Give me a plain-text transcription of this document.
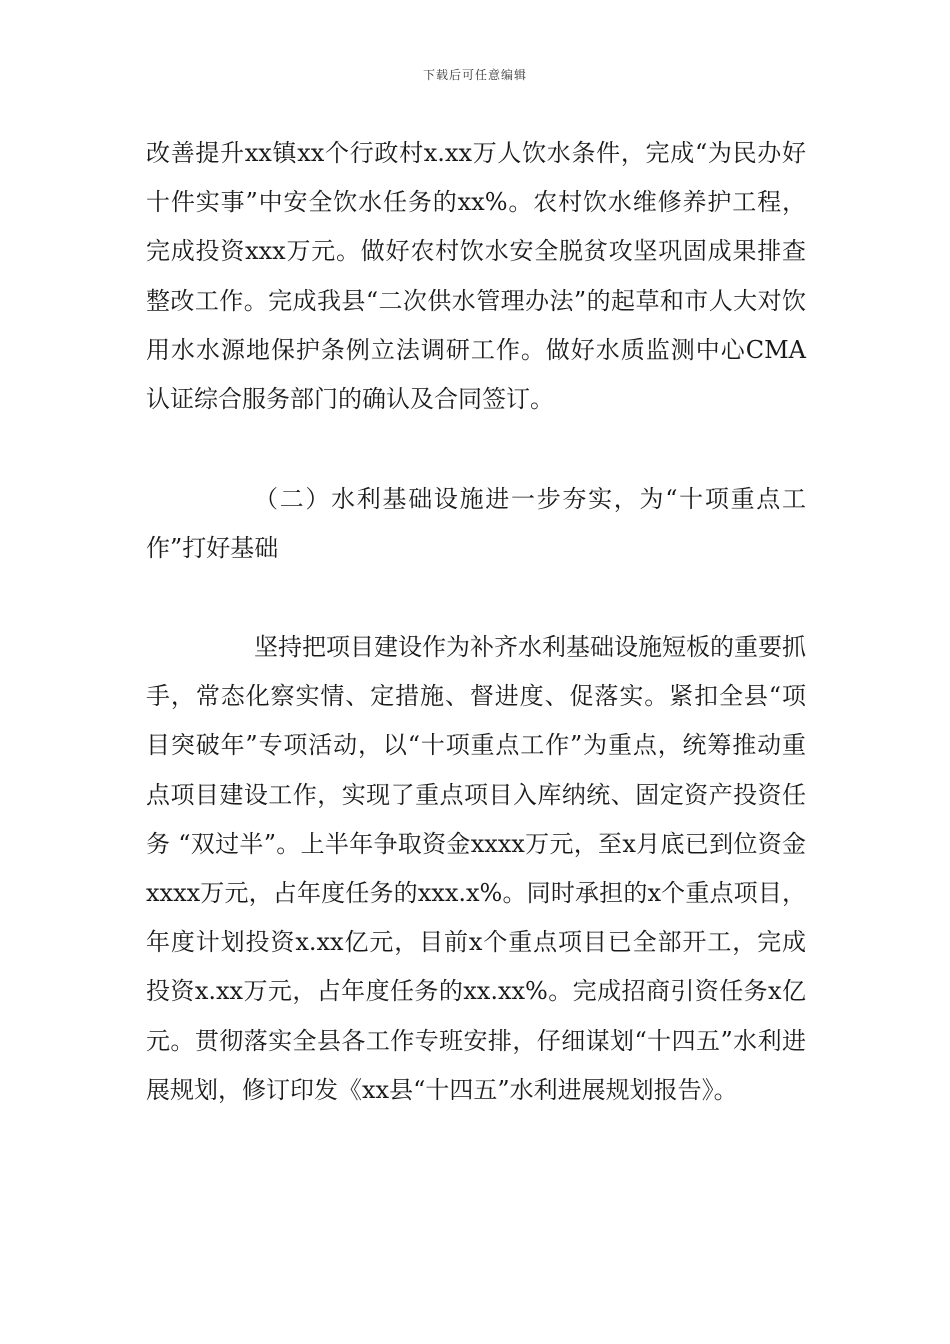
下载后可任意编辑

改善提升xx镇xx个行政村x.xx万人饮水条件，完成“为民办好十件实事”中安全饮水任务的xx%。农村饮水维修养护工程，完成投资xxx万元。做好农村饮水安全脱贫攻坚巩固成果排查整改工作。完成我县“二次供水管理办法”的起草和市人大对饮用水水源地保护条例立法调研工作。做好水质监测中心CMA认证综合服务部门的确认及合同签订。

（二）水利基础设施进一步夯实，为“十项重点工作”打好基础

坚持把项目建设作为补齐水利基础设施短板的重要抓手，常态化察实情、定措施、督进度、促落实。紧扣全县“项目突破年”专项活动，以“十项重点工作”为重点，统筹推动重点项目建设工作，实现了重点项目入库纳统、固定资产投资任务 “双过半”。上半年争取资金xxxx万元，至x月底已到位资金xxxx万元，占年度任务的xxx.x%。同时承担的x个重点项目，年度计划投资x.xx亿元，目前x个重点项目已全部开工，完成投资x.xx万元，占年度任务的xx.xx%。完成招商引资任务x亿元。贯彻落实全县各工作专班安排，仔细谋划“十四五”水利进展规划，修订印发《xx县“十四五”水利进展规划报告》。
